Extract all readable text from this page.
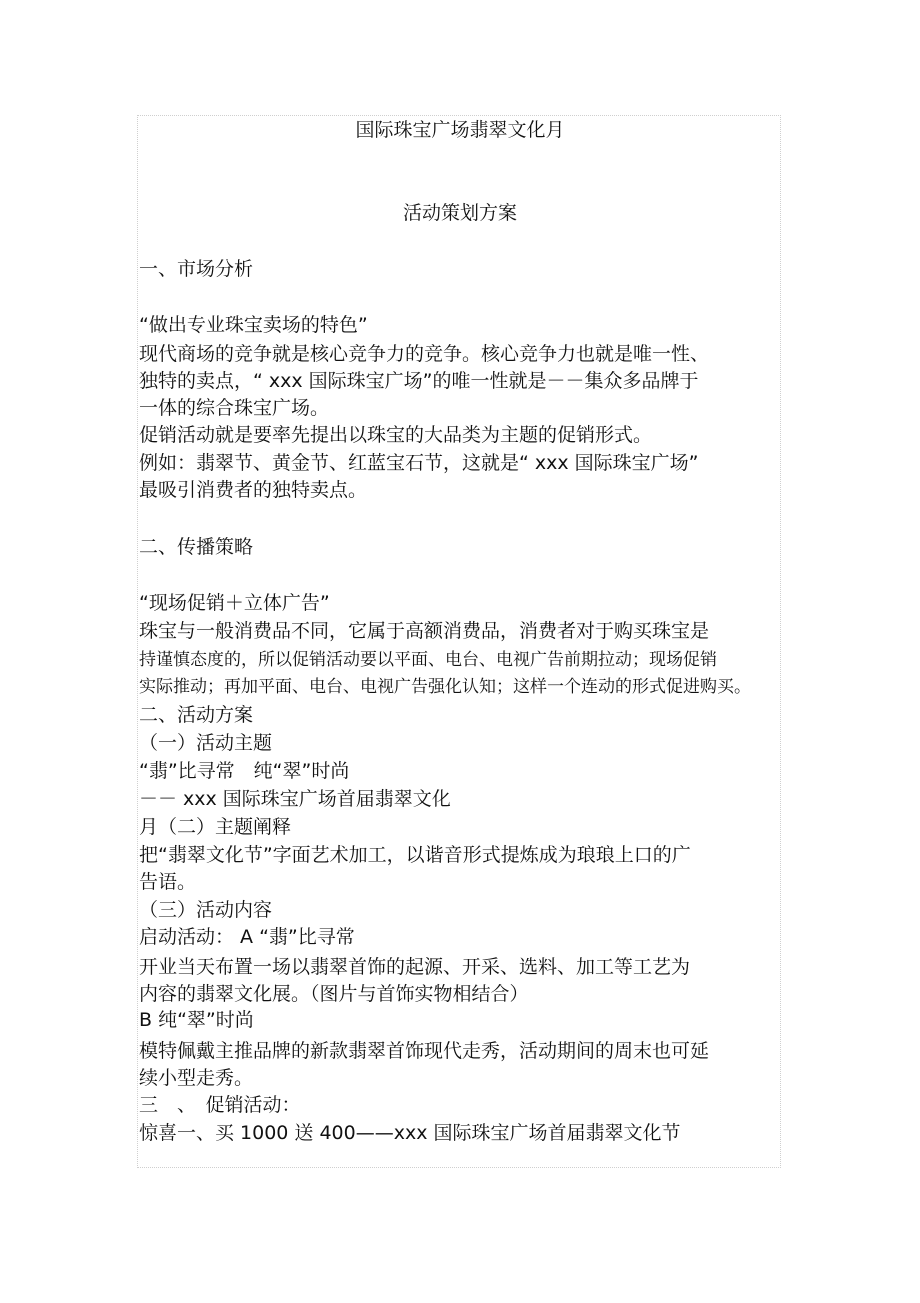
国际珠宝广场翡翠文化月
活动策划方案
一、市场分析
“做出专业珠宝卖场的特色”
现代商场的竞争就是核心竞争力的竞争。核心竞争力也就是唯一性、
独特的卖点，“ xxx 国际珠宝广场”的唯一性就是－－集众多品牌于
一体的综合珠宝广场。
促销活动就是要率先提出以珠宝的大品类为主题的促销形式。
例如：翡翠节、黄金节、红蓝宝石节，这就是“ xxx 国际珠宝广场”
最吸引消费者的独特卖点。
二、传播策略
“现场促销＋立体广告”
珠宝与一般消费品不同，它属于高额消费品，消费者对于购买珠宝是
持谨慎态度的，所以促销活动要以平面、电台、电视广告前期拉动；现场促销
实际推动；再加平面、电台、电视广告强化认知；这样一个连动的形式促进购买。
二、活动方案
（一）活动主题
“翡”比寻常　纯“翠”时尚
－－ xxx 国际珠宝广场首届翡翠文化
月（二）主题阐释
把“翡翠文化节”字面艺术加工，以谐音形式提炼成为琅琅上口的广
告语。
（三）活动内容
启动活动： A “翡”比寻常
开业当天布置一场以翡翠首饰的起源、开采、选料、加工等工艺为
内容的翡翠文化展。（图片与首饰实物相结合）
B 纯“翠”时尚
模特佩戴主推品牌的新款翡翠首饰现代走秀，活动期间的周末也可延
续小型走秀。
三　、　促销活动：
惊喜一、买 1000 送 400——xxx 国际珠宝广场首届翡翠文化节
